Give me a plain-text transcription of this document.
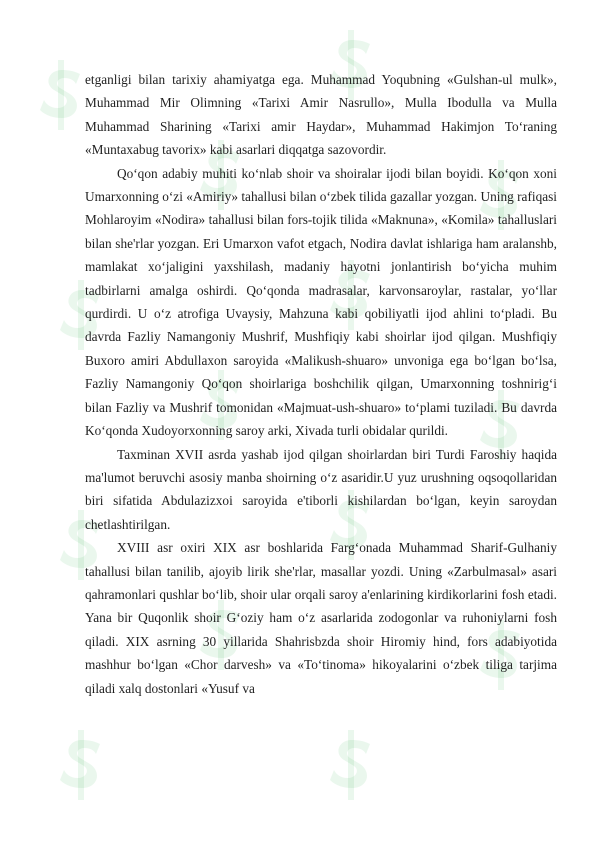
etganligi bilan tarixiy ahamiyatga ega. Muhammad Yoqubning «Gulshan-ul mulk», Muhammad Mir Olimning «Tarixi Amir Nasrullo», Mulla Ibodulla va Mulla Muhammad Sharining «Tarixi amir Haydar», Muhammad Hakimjon To‘raning «Muntaxabug tavorix» kabi asarlari diqqatga sazovordir.

Qo‘qon adabiy muhiti ko‘nlab shoir va shoiralar ijodi bilan boyidi. Ko‘qon xoni Umarxonning o‘zi «Amiriy» tahallusi bilan o‘zbek tilida gazallar yozgan. Uning rafiqasi Mohlaroyim «Nodira» tahallusi bilan fors-tojik tilida «Maknuna», «Komila» tahalluslari bilan she'rlar yozgan. Eri Umarxon vafot etgach, Nodira davlat ishlariga ham aralanshb, mamlakat xo‘jaligini yaxshilash, madaniy hayotni jonlantirish bo‘yicha muhim tadbirlarni amalga oshirdi. Qo‘qonda madrasalar, karvonsaroylar, rastalar, yo‘llar qurdirdi. U o‘z atrofiga Uvaysiy, Mahzuna kabi qobiliyatli ijod ahlini to‘pladi. Bu davrda Fazliy Namangoniy Mushrif, Mushfiqiy kabi shoirlar ijod qilgan. Mushfiqiy Buxoro amiri Abdullaxon saroyida «Malikush-shuaro» unvoniga ega bo‘lgan bo‘lsa, Fazliy Namangoniy Qo‘qon shoirlariga boshchilik qilgan, Umarxonning toshnirig‘i bilan Fazliy va Mushrif tomonidan «Majmuat-ush-shuaro» to‘plami tuziladi. Bu davrda Ko‘qonda Xudoyorxonning saroy arki, Xivada turli obidalar qurildi.

Taxminan XVII asrda yashab ijod qilgan shoirlardan biri Turdi Faroshiy haqida ma'lumot beruvchi asosiy manba shoirning o‘z asaridir.U yuz urushning oqsoqollaridan biri sifatida Abdulazizxoi saroyida e'tiborli kishilardan bo‘lgan, keyin saroydan chetlashtirilgan.

XVIII asr oxiri XIX asr boshlarida Farg‘onada Muhammad Sharif-Gulhaniy tahallusi bilan tanilib, ajoyib lirik she'rlar, masallar yozdi. Uning «Zarbulmasal» asari qahramonlari qushlar bo‘lib, shoir ular orqali saroy a'enlarining kirdikorlarini fosh etadi. Yana bir Quqonlik shoir G‘oziy ham o‘z asarlarida zodogonlar va ruhoniylarni fosh qiladi. XIX asrning 30 yillarida Shahrisbzda shoir Hiromiy hind, fors adabiyotida mashhur bo‘lgan «Chor darvesh» va «To‘tinoma» hikoyalarini o‘zbek tiliga tarjima qiladi xalq dostonlari «Yusuf va
